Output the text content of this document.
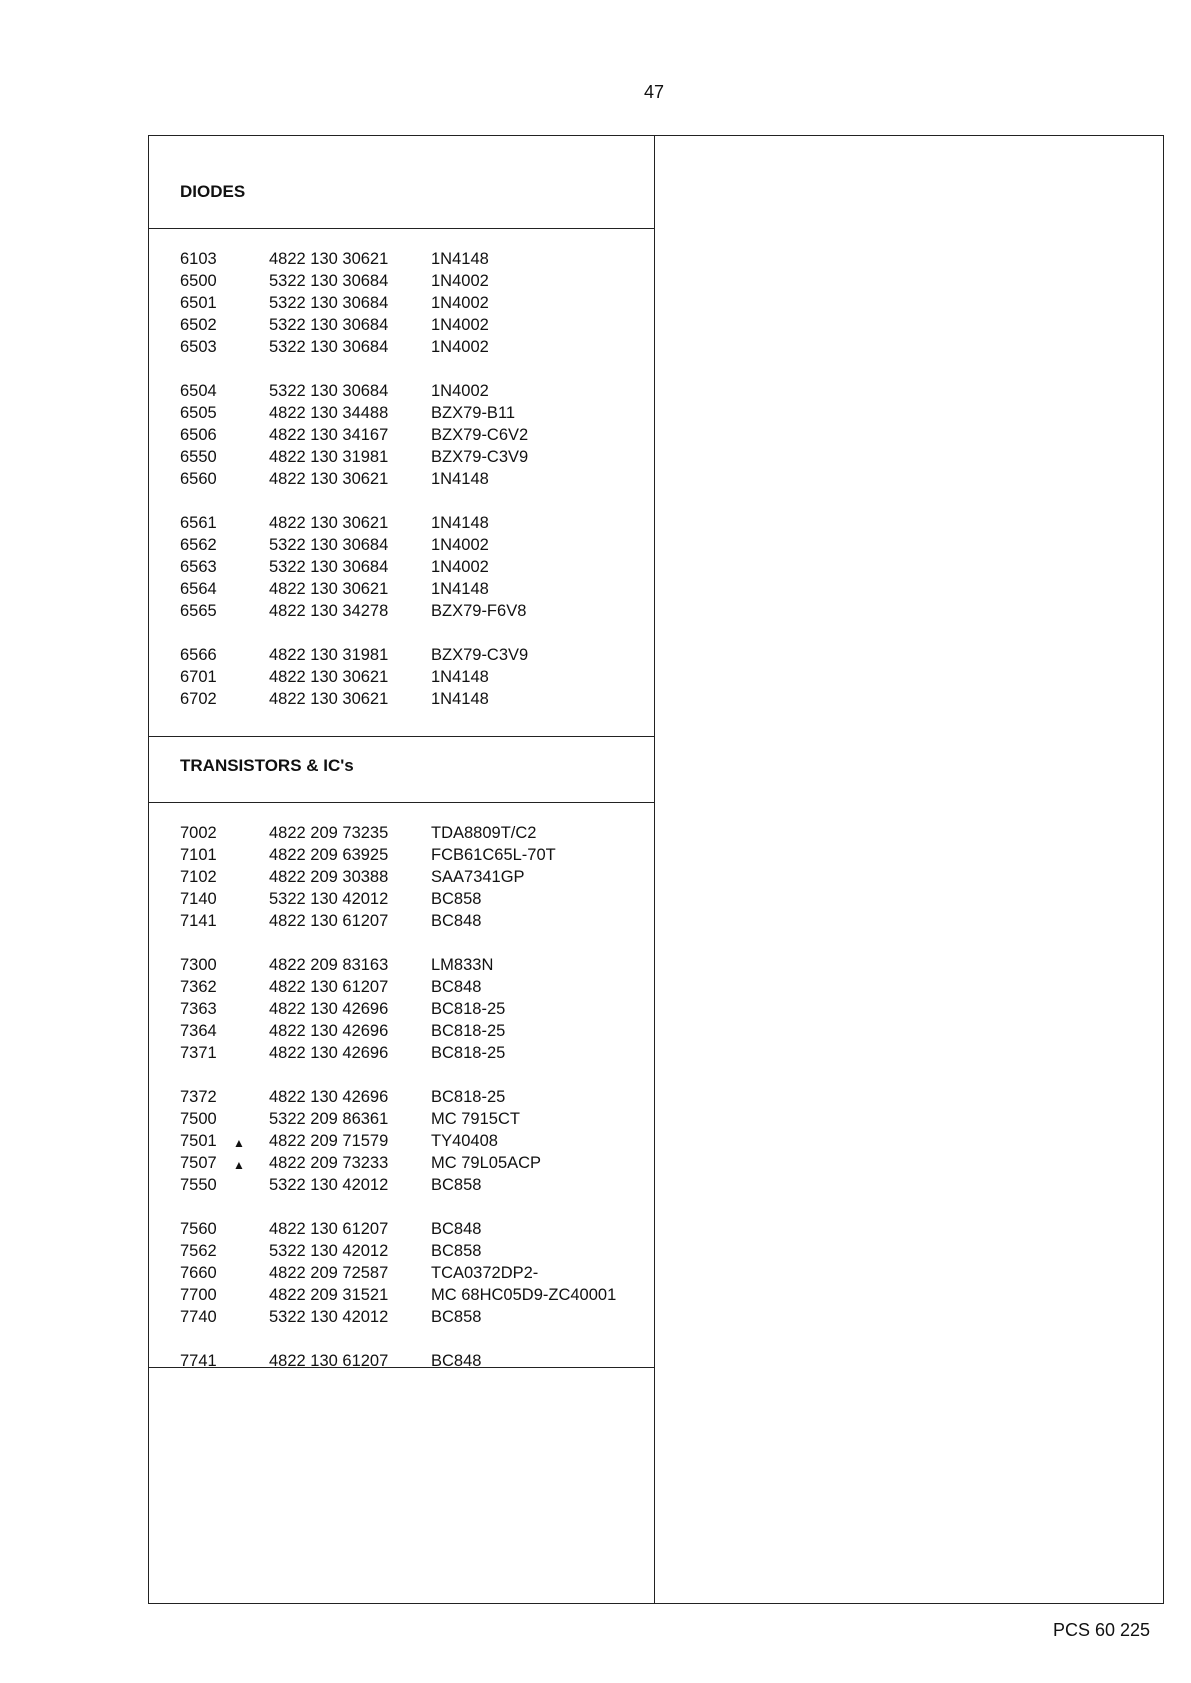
47
DIODES
6103	4822 130 30621	1N4148
6500	5322 130 30684	1N4002
6501	5322 130 30684	1N4002
6502	5322 130 30684	1N4002
6503	5322 130 30684	1N4002
6504	5322 130 30684	1N4002
6505	4822 130 34488	BZX79-B11
6506	4822 130 34167	BZX79-C6V2
6550	4822 130 31981	BZX79-C3V9
6560	4822 130 30621	1N4148
6561	4822 130 30621	1N4148
6562	5322 130 30684	1N4002
6563	5322 130 30684	1N4002
6564	4822 130 30621	1N4148
6565	4822 130 34278	BZX79-F6V8
6566	4822 130 31981	BZX79-C3V9
6701	4822 130 30621	1N4148
6702	4822 130 30621	1N4148
TRANSISTORS & IC's
7002	4822 209 73235	TDA8809T/C2
7101	4822 209 63925	FCB61C65L-70T
7102	4822 209 30388	SAA7341GP
7140	5322 130 42012	BC858
7141	4822 130 61207	BC848
7300	4822 209 83163	LM833N
7362	4822 130 61207	BC848
7363	4822 130 42696	BC818-25
7364	4822 130 42696	BC818-25
7371	4822 130 42696	BC818-25
7372	4822 130 42696	BC818-25
7500	5322 209 86361	MC 7915CT
7501 ▲ 4822 209 71579	TY40408
7507 ▲ 4822 209 73233	MC 79L05ACP
7550	5322 130 42012	BC858
7560	4822 130 61207	BC848
7562	5322 130 42012	BC858
7660	4822 209 72587	TCA0372DP2-
7700	4822 209 31521	MC 68HC05D9-ZC40001
7740	5322 130 42012	BC858
7741	4822 130 61207	BC848
PCS 60 225
